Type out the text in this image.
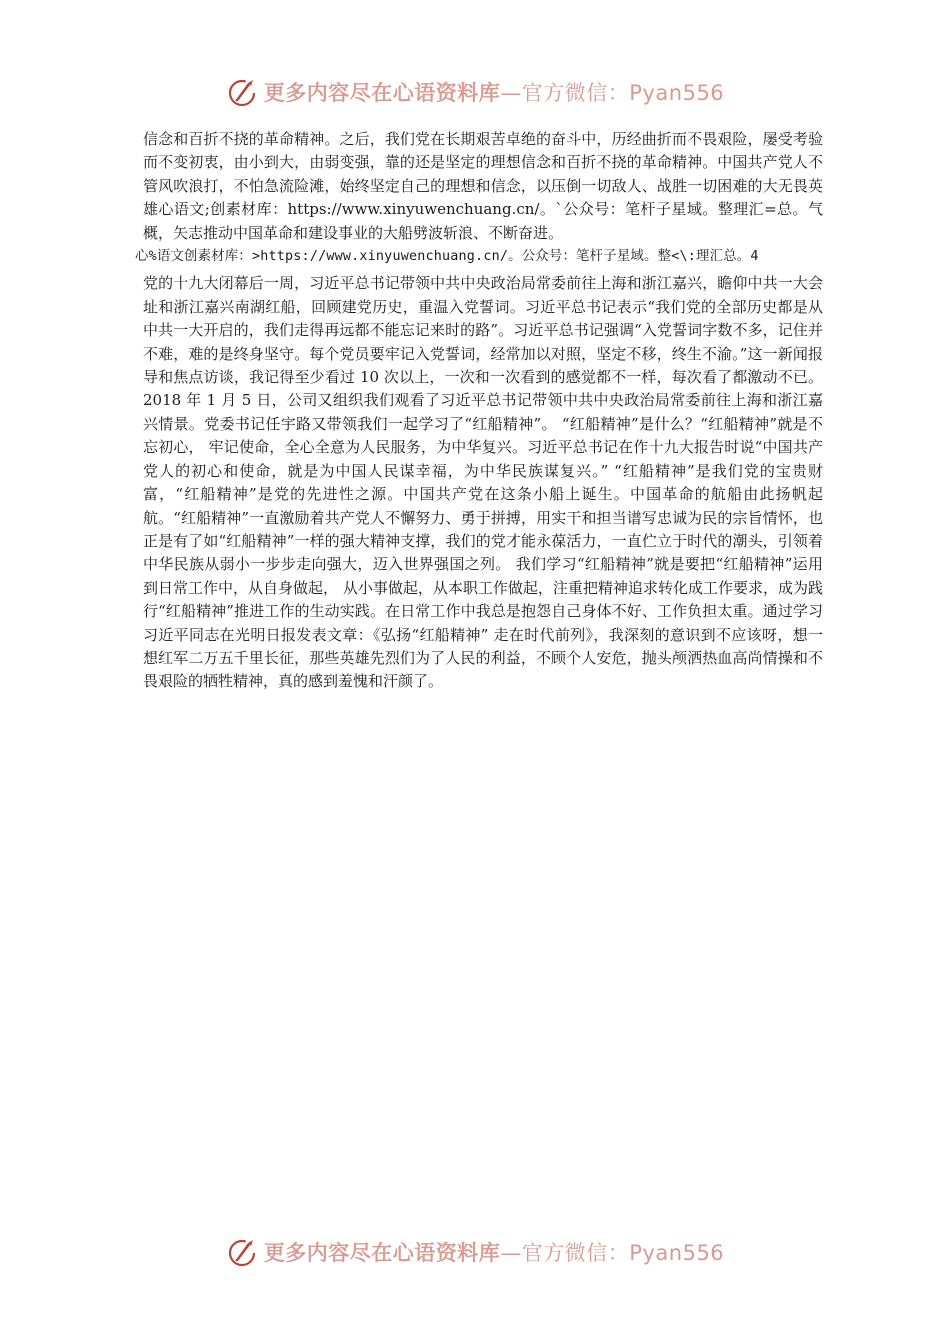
更多内容尽在心语资料库—官方微信：Pyan556

信念和百折不挠的革命精神。之后，我们党在长期艰苦卓绝的奋斗中，历经曲折而不畏艰险，屡受考验而不变初衷，由小到大，由弱变强，靠的还是坚定的理想信念和百折不挠的革命精神。中国共产党人不管风吹浪打，不怕急流险滩，始终坚定自己的理想和信念，以压倒一切敌人、战胜一切困难的大无畏英雄心语文;创素材库：https://www.xinyuwenchuang.cn/。`公众号：笔杆子星域。整理汇=总。气概，矢志推动中国革命和建设事业的大船劈波斩浪、不断奋进。

心%语文创素材库：>https://www.xinyuwenchuang.cn/。公众号：笔杆子星域。整<\:理汇总。4

党的十九大闭幕后一周，习近平总书记带领中共中央政治局常委前往上海和浙江嘉兴，瞻仰中共一大会址和浙江嘉兴南湖红船，回顾建党历史，重温入党誓词。习近平总书记表示“我们党的全部历史都是从中共一大开启的，我们走得再远都不能忘记来时的路”。习近平总书记强调“入党誓词字数不多，记住并不难，难的是终身坚守。每个党员要牢记入党誓词，经常加以对照，坚定不移，终生不渝。”这一新闻报导和焦点访谈，我记得至少看过 10 次以上，一次和一次看到的感觉都不一样，每次看了都激动不已。2018 年 1 月 5 日，公司又组织我们观看了习近平总书记带领中共中央政治局常委前往上海和浙江嘉兴情景。党委书记任宇路又带领我们一起学习了“红船精神”。 “红船精神”是什么？“红船精神”就是不忘初心， 牢记使命，全心全意为人民服务，为中华复兴。习近平总书记在作十九大报告时说“中国共产党人的初心和使命，就是为中国人民谋幸福，为中华民族谋复兴。” “红船精神”是我们党的宝贵财富，“红船精神”是党的先进性之源。中国共产党在这条小船上诞生。中国革命的航船由此扬帆起航。“红船精神”一直激励着共产党人不懈努力、勇于拼搏，用实干和担当谱写忠诚为民的宗旨情怀，也正是有了如“红船精神”一样的强大精神支撑，我们的党才能永葆活力，一直伫立于时代的潮头，引领着中华民族从弱小一步步走向强大，迈入世界强国之列。 我们学习“红船精神”就是要把“红船精神”运用到日常工作中，从自身做起， 从小事做起，从本职工作做起，注重把精神追求转化成工作要求，成为践行“红船精神”推进工作的生动实践。在日常工作中我总是抱怨自己身体不好、工作负担太重。通过学习习近平同志在光明日报发表文章：《弘扬“红船精神” 走在时代前列》，我深刻的意识到不应该呀，想一想红军二万五千里长征，那些英雄先烈们为了人民的利益，不顾个人安危，抛头颅洒热血高尚情操和不畏艰险的牺牲精神，真的感到羞愧和汗颜了。

更多内容尽在心语资料库—官方微信：Pyan556
